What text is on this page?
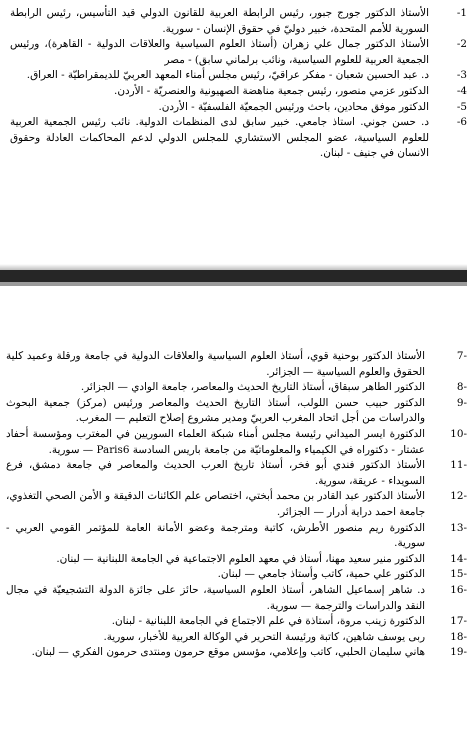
1-
الأستاذ الدكتور جورج جبور، رئيس الرابطة العربية للقانون الدولي قيد التأسيس، رئيس الرابطة السورية للأمم المتحدة، خبير دوليّ في حقوق الإنسان - سورية.

2-
الأستاذ الدكتور جمال علي زهران (أستاذ العلوم السياسية والعلاقات الدولية - القاهرة)، ورئيس الجمعية العربية للعلوم السياسية، ونائب برلماني سابق) - مصر

3-
د. عبد الحسين شعبان - مفكر عراقيّ، رئيس مجلس أمناء المعهد العربيّ للديمقراطيّة - العراق.

4-
الدكتور عزمي منصور، رئيس جمعية مناهضة الصهيونية والعنصريّة - الأردن.

5-
الدكتور موفق محادين، باحث ورئيس الجمعيّة الفلسفيّة - الأردن.

6-
د. حسن جوني. استاذ جامعي. خبير سابق لدى المنظمات الدولية. نائب رئيس الجمعية العربية للعلوم السياسية، عضو المجلس الاستشاري للمجلس الدولي لدعم المحاكمات العادلة وحقوق الانسان في جنيف - لبنان.

-7
الأستاذ الدكتور بوحنية قوي، أستاذ العلوم السياسية والعلاقات الدولية في جامعة ورقلة وعميد كلية الحقوق والعلوم السياسية — الجزائر.

-8
الدكتور الطاهر سبقاق، أستاذ التاريخ الحديث والمعاصر، جامعة الوادي — الجزائر.

-9
الدكتور حبيب حسن اللولب، أستاذ التاريخ الحديث والمعاصر ورئيس (مركز) جمعية البحوث والدراسات من أجل اتحاد المغرب العربيّ ومدير مشروع إصلاح التعليم — المغرب.

-10
الدكتورة ايسر الميداني رئيسة مجلس أمناء شبكة العلماء السوريين في المغترب ومؤسسة أحفاد عشتار - دكتوراه في الكيمياء والمعلوماتيّة من جامعة باريس السادسة Paris6 — سورية.

-11
الأستاذ الدكتور فندي أبو فخر، أستاذ تاريخ العرب الحديث والمعاصر في جامعة دمشق، فرع السويداء - عريقة، سورية.

-12
الأستاذ الدكتور عبد القادر بن محمد أبختي، اختصاص علم الكائنات الدقيقة و الأمن الصحي التغذوي، جامعة احمد دراية أدرار — الجزائر.

-13
الدكتورة ريم منصور الأطرش، كاتبة ومترجمة وعضو الأمانة العامة للمؤتمر القومي العربي - سورية.

-14
الدكتور منير سعيد مهنا، أستاذ في معهد العلوم الاجتماعية في الجامعة اللبنانية — لبنان.

-15
الدكتور علي حمية، كاتب وأستاذ جامعي — لبنان.

-16
د. شاهر إسماعيل الشاهر، أستاذ العلوم السياسية، حائز على جائزة الدولة التشجيعيّة في مجال النقد والدراسات والترجمة — سورية.

-17
الدكتورة زينب مروة، أستاذة في علم الاجتماع في الجامعة اللبنانية - لبنان.

-18
ربى يوسف شاهين، كاتبة ورئيسة التحرير في الوكالة العربية للأخبار، سورية.

-19
هاني سليمان الحلبي، كاتب وإعلامي، مؤسس موقع حرمون ومنتدى حرمون الفكري — لبنان.
